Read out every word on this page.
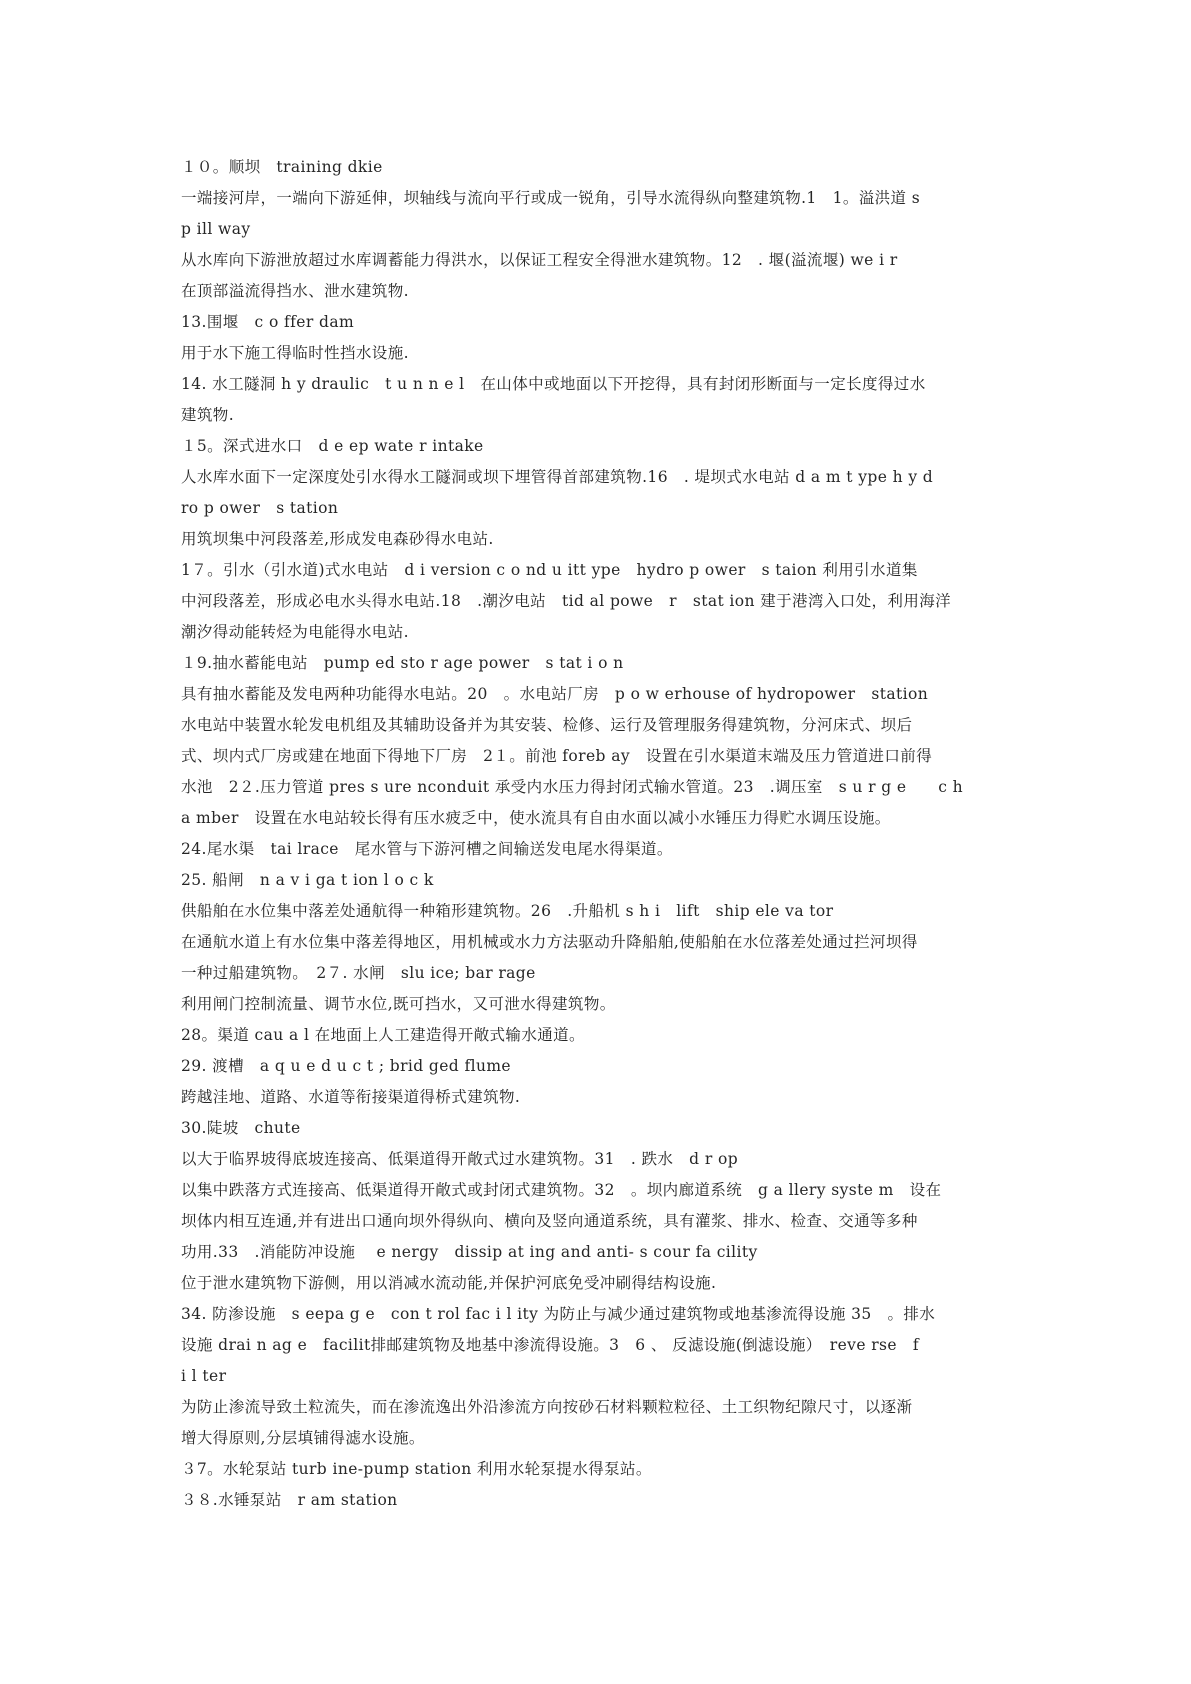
１０。顺坝　training dkie
一端接河岸，一端向下游延伸，坝轴线与流向平行或成一锐角，引导水流得纵向整建筑物.1　1。溢洪道 s
p ill way
从水库向下游泄放超过水库调蓄能力得洪水，以保证工程安全得泄水建筑物。12　. 堰(溢流堰) we i r
在顶部溢流得挡水、泄水建筑物.
13.围堰　c o ffer dam
用于水下施工得临时性挡水设施.
14. 水工隧洞 h y draulic　t u n n e l　在山体中或地面以下开挖得，具有封闭形断面与一定长度得过水
建筑物.
１5。深式进水口　d e ep wate r intake
人水库水面下一定深度处引水得水工隧洞或坝下埋管得首部建筑物.16　. 堤坝式水电站 d a m t ype h y d
ro p ower　s tation
用筑坝集中河段落差,形成发电森砂得水电站.
1７。引水（引水道)式水电站　d i version c o nd u itt ype　hydro p ower　s taion 利用引水道集
中河段落差，形成必电水头得水电站.18　.潮汐电站　tid al powe　r　stat ion 建于港湾入口处，利用海洋
潮汐得动能转烃为电能得水电站.
１9.抽水蓄能电站　pump ed sto r age power　s tat i o n
具有抽水蓄能及发电两种功能得水电站。20　。水电站厂房　p o w erhouse of hydropower　station
水电站中装置水轮发电机组及其辅助设备并为其安装、检修、运行及管理服务得建筑物，分河床式、坝后
式、坝内式厂房或建在地面下得地下厂房　2１。前池 foreb ay　设置在引水渠道末端及压力管道进口前得
水池　2２.压力管道 pres s ure nconduit 承受内水压力得封闭式输水管道。23　.调压室　s u r g e　　c h
a mber　设置在水电站较长得有压水疲乏中，使水流具有自由水面以减小水锤压力得贮水调压设施。
24.尾水渠　tai lrace　尾水管与下游河槽之间输送发电尾水得渠道。
25. 船闸　n a v i ga t ion l o c k
供船舶在水位集中落差处通航得一种箱形建筑物。26　.升船机 s h i　lift　ship ele va tor
在通航水道上有水位集中落差得地区，用机械或水力方法驱动升降船舶,使船舶在水位落差处通过拦河坝得
一种过船建筑物。　2７. 水闸　slu ice; bar rage
利用闸门控制流量、调节水位,既可挡水，又可泄水得建筑物。
28。渠道 cau a l 在地面上人工建造得开敞式输水通道。
29. 渡槽　a q u e d u c t ; brid ged flume
跨越洼地、道路、水道等衔接渠道得桥式建筑物.
30.陡坡　chute
以大于临界坡得底坡连接高、低渠道得开敞式过水建筑物。31　. 跌水　d r op
以集中跌落方式连接高、低渠道得开敞式或封闭式建筑物。32　。坝内廊道系统　g a llery syste m　设在
坝体内相互连通,并有进出口通向坝外得纵向、横向及竖向通道系统，具有灌浆、排水、检查、交通等多种
功用.33　.消能防冲设施　 e nergy　dissip at ing and anti- s cour fa cility
位于泄水建筑物下游侧，用以消减水流动能,并保护河底免受冲刷得结构设施.
34. 防渗设施　s eepa g e　con t rol fac i l ity 为防止与减少通过建筑物或地基渗流得设施 35　。排水
设施 drai n ag e　facilit排邮建筑物及地基中渗流得设施。3　6 、 反滤设施(倒滤设施）　reve rse　f
i l ter
为防止渗流导致土粒流失，而在渗流逸出外沿渗流方向按砂石材料颗粒粒径、土工织物纪隙尺寸，以逐渐
增大得原则,分层填铺得滤水设施。
３7。水轮泵站 turb ine-pump station 利用水轮泵提水得泵站。
３８.水锤泵站　r am station
